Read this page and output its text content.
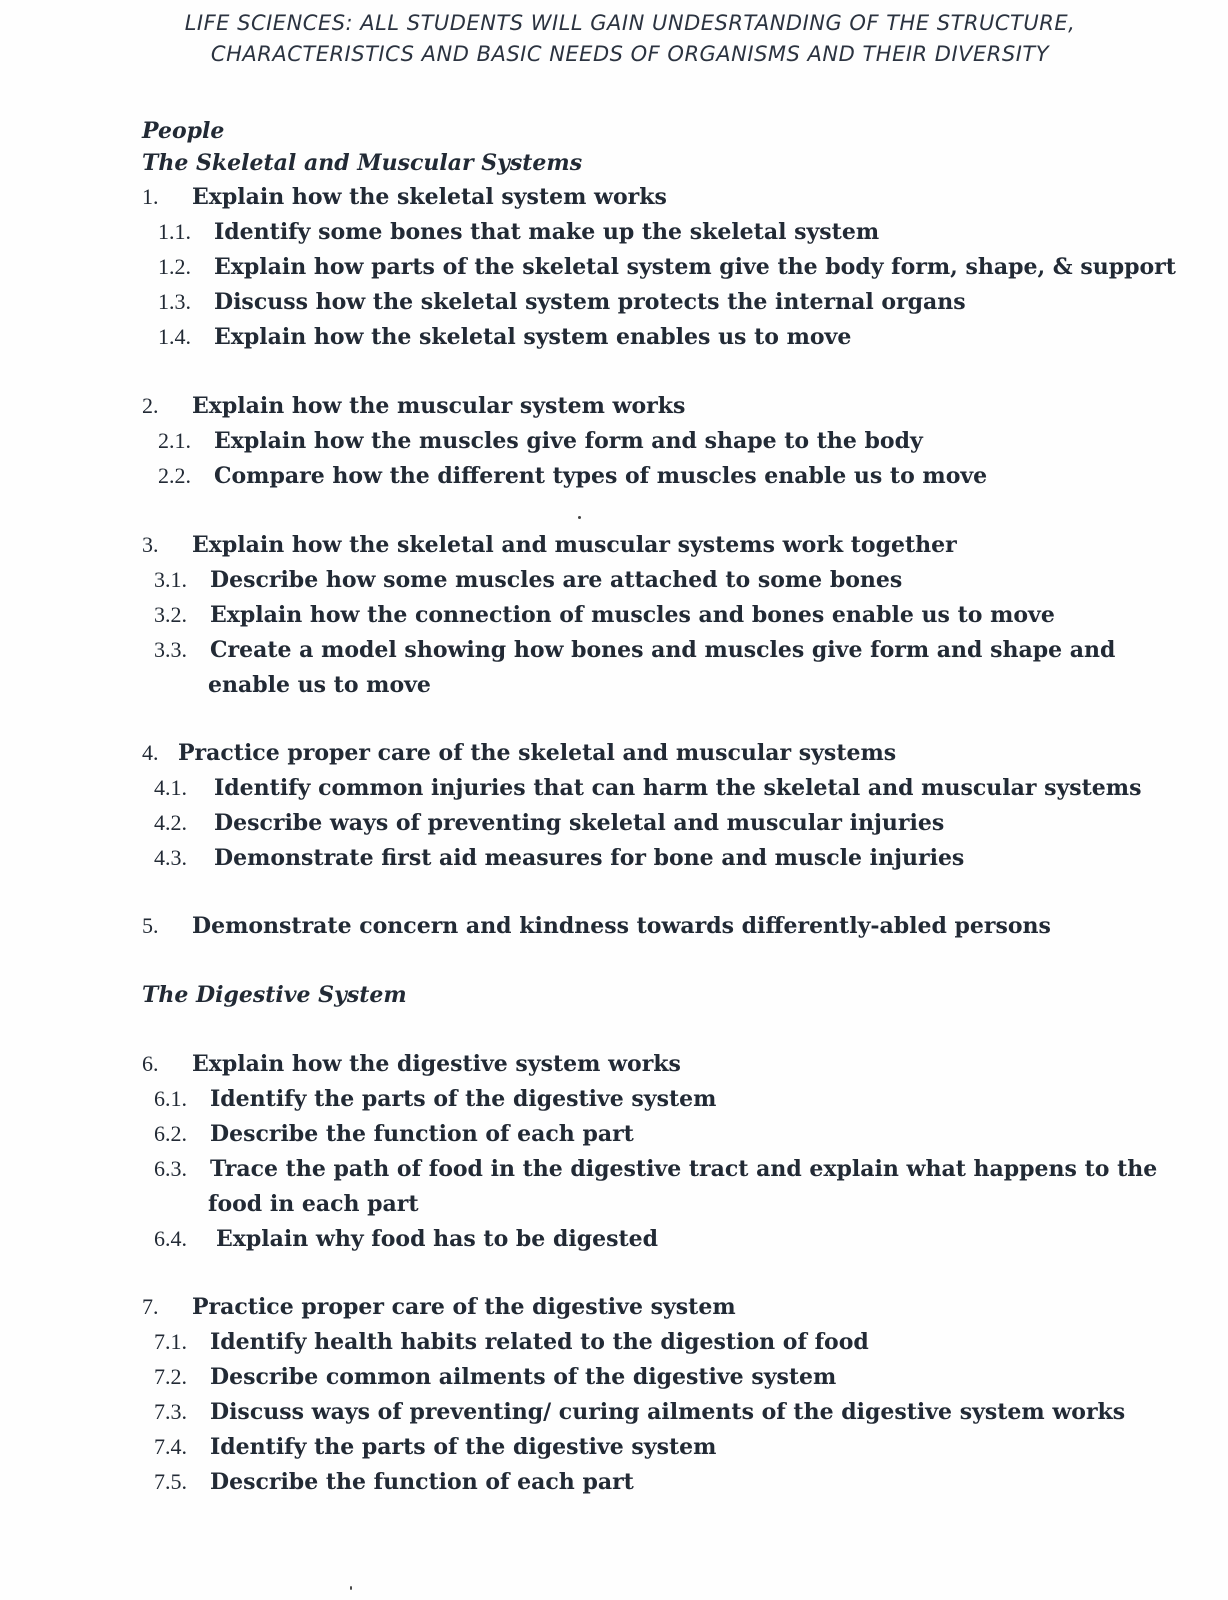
LIFE SCIENCES: ALL STUDENTS WILL GAIN UNDESRTANDING OF THE STRUCTURE,
CHARACTERISTICS AND BASIC NEEDS OF ORGANISMS AND THEIR DIVERSITY
People
The Skeletal and Muscular Systems
1. Explain how the skeletal system works
1.1. Identify some bones that make up the skeletal system
1.2. Explain how parts of the skeletal system give the body form, shape, & support
1.3. Discuss how the skeletal system protects the internal organs
1.4. Explain how the skeletal system enables us to move
2. Explain how the muscular system works
2.1. Explain how the muscles give form and shape to the body
2.2. Compare how the different types of muscles enable us to move
3. Explain how the skeletal and muscular systems work together
3.1. Describe how some muscles are attached to some bones
3.2. Explain how the connection of muscles and bones enable us to move
3.3. Create a model showing how bones and muscles give form and shape and
enable us to move
4. Practice proper care of the skeletal and muscular systems
4.1. Identify common injuries that can harm the skeletal and muscular systems
4.2. Describe ways of preventing skeletal and muscular injuries
4.3. Demonstrate first aid measures for bone and muscle injuries
5. Demonstrate concern and kindness towards differently-abled persons
The Digestive System
6. Explain how the digestive system works
6.1. Identify the parts of the digestive system
6.2. Describe the function of each part
6.3. Trace the path of food in the digestive tract and explain what happens to the
food in each part
6.4. Explain why food has to be digested
7. Practice proper care of the digestive system
7.1. Identify health habits related to the digestion of food
7.2. Describe common ailments of the digestive system
7.3. Discuss ways of preventing/ curing ailments of the digestive system works
7.4. Identify the parts of the digestive system
7.5. Describe the function of each part
